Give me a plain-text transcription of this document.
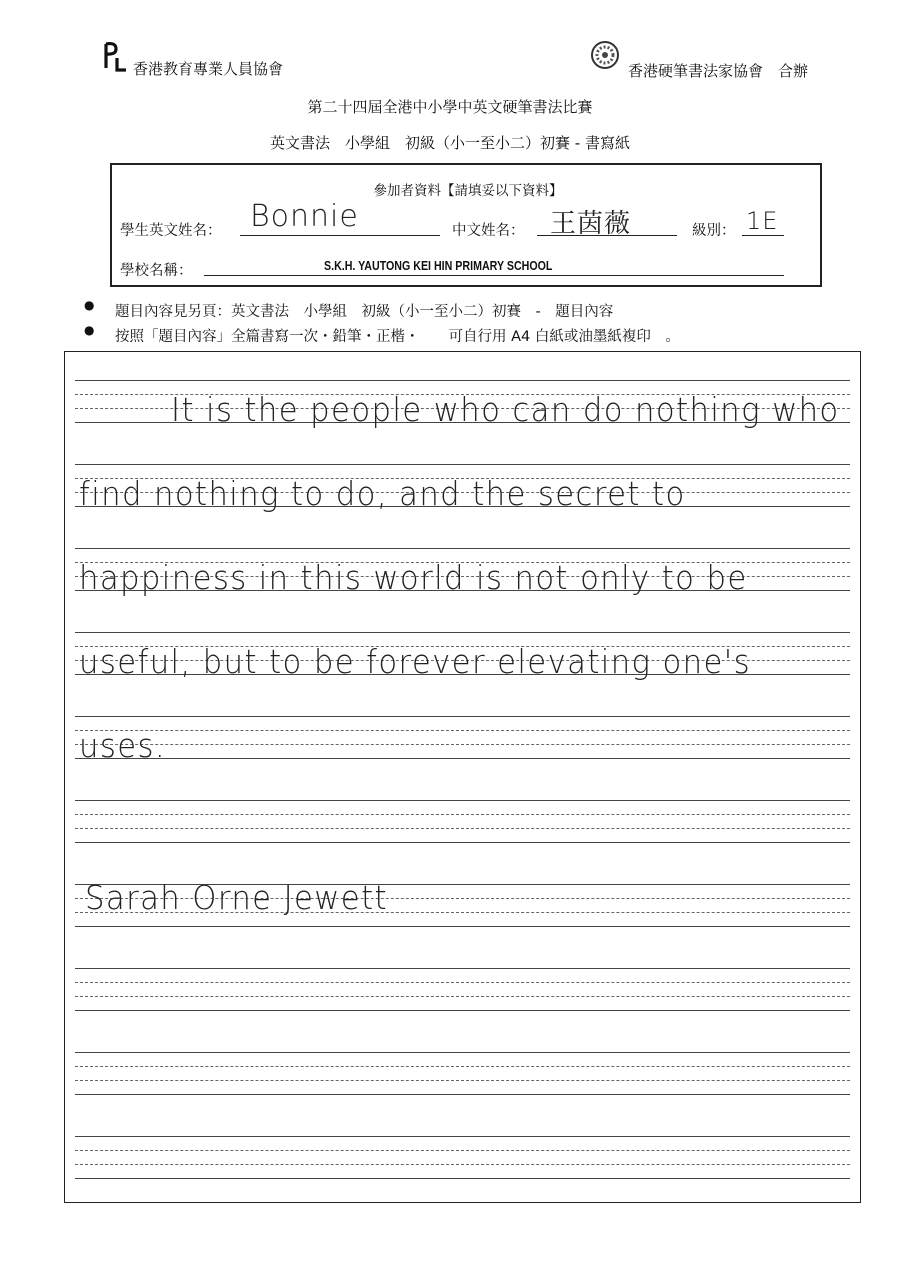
香港教育專業人員協會	香港硬筆書法家協會　合辦
第二十四屆全港中小學中英文硬筆書法比賽
英文書法　小學組　初級（小一至小二）初賽 - 書寫紙
參加者資料【請填妥以下資料】
學生英文姓名： Bonnie	中文姓名： 王茵薇	級別： 1E
學校名稱：	S.K.H. YAUTONG KEI HIN PRIMARY SCHOOL
● 題目內容見另頁：英文書法　小學組　初級（小一至小二）初賽　-　題目內容
● 按照「題目內容」全篇書寫一次・鉛筆・正楷・　　可自行用 A4 白紙或油墨紙複印　。
It is the people who can do nothing who
find nothing to do, and the secret to
happiness in this world is not only to be
useful, but to be forever elevating one's
uses.
Sarah Orne Jewett
